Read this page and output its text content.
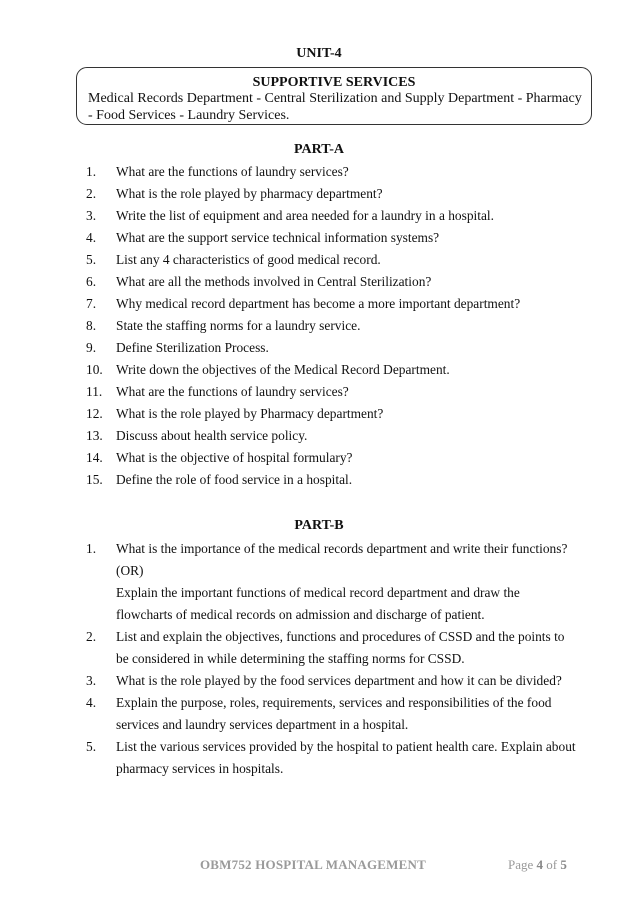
UNIT-4
SUPPORTIVE SERVICES
Medical Records Department - Central Sterilization and Supply Department - Pharmacy - Food Services - Laundry Services.
PART-A
1.	What are the functions of laundry services?
2.	What is the role played by pharmacy department?
3.	Write the list of equipment and area needed for a laundry in a hospital.
4.	What are the support service technical information systems?
5.	List any 4 characteristics of good medical record.
6.	What are all the methods involved in Central Sterilization?
7.	Why medical record department has become a more important department?
8.	State the staffing norms for a laundry service.
9.	Define Sterilization Process.
10. Write down the objectives of the Medical Record Department.
11.	What are the functions of laundry services?
12. What is the role played by Pharmacy department?
13. Discuss about health service policy.
14. What is the objective of hospital formulary?
15. Define the role of food service in a hospital.
PART-B
1.	What is the importance of the medical records department and write their functions? (OR)
Explain the important functions of medical record department and draw the
flowcharts of medical records on admission and discharge of patient.
2.	List and explain the objectives, functions and procedures of CSSD and the points to
be considered in while determining the staffing norms for CSSD.
3.	What is the role played by the food services department and how it can be divided?
4.	Explain the purpose, roles, requirements, services and responsibilities of the food
services and laundry services department in a hospital.
5.	List the various services provided by the hospital to patient health care. Explain about
pharmacy services in hospitals.
OBM752 HOSPITAL MANAGEMENT	Page 4 of 5
